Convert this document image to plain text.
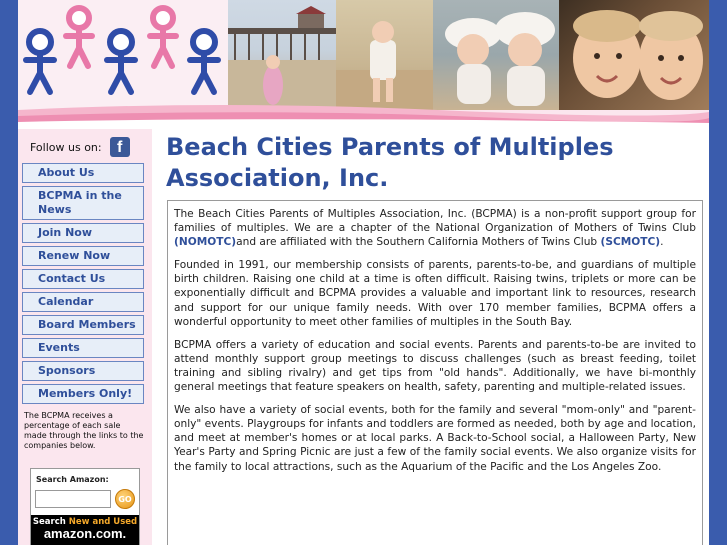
Follow us on: f
About Us
BCPMA in the News
Join Now
Renew Now
Contact Us
Calendar
Board Members
Events
Sponsors
Members Only!
The BCPMA receives a percentage of each sale made through the links to the companies below.
Search Amazon:
GO
Search New and Used
amazon.com.
Beach Cities Parents of Multiples Association, Inc.

The Beach Cities Parents of Multiples Association, Inc. (BCPMA) is a non-profit support group for families of multiples. We are a chapter of the National Organization of Mothers of Twins Club (NOMOTC)and are affiliated with the Southern California Mothers of Twins Club (SCMOTC).

Founded in 1991, our membership consists of parents, parents-to-be, and guardians of multiple birth children. Raising one child at a time is often difficult. Raising twins, triplets or more can be exponentially difficult and BCPMA provides a valuable and important link to resources, research and support for our unique family needs. With over 170 member families, BCPMA offers a wonderful opportunity to meet other families of multiples in the South Bay.

BCPMA offers a variety of education and social events. Parents and parents-to-be are invited to attend monthly support group meetings to discuss challenges (such as breast feeding, toilet training and sibling rivalry) and get tips from "old hands". Additionally, we have bi-monthly general meetings that feature speakers on health, safety, parenting and multiple-related issues.

We also have a variety of social events, both for the family and several "mom-only" and "parent-only" events. Playgroups for infants and toddlers are formed as needed, both by age and location, and meet at member's homes or at local parks. A Back-to-School social, a Halloween Party, New Year's Party and Spring Picnic are just a few of the family social events. We also organize visits for the family to local attractions, such as the Aquarium of the Pacific and the Los Angeles Zoo.
